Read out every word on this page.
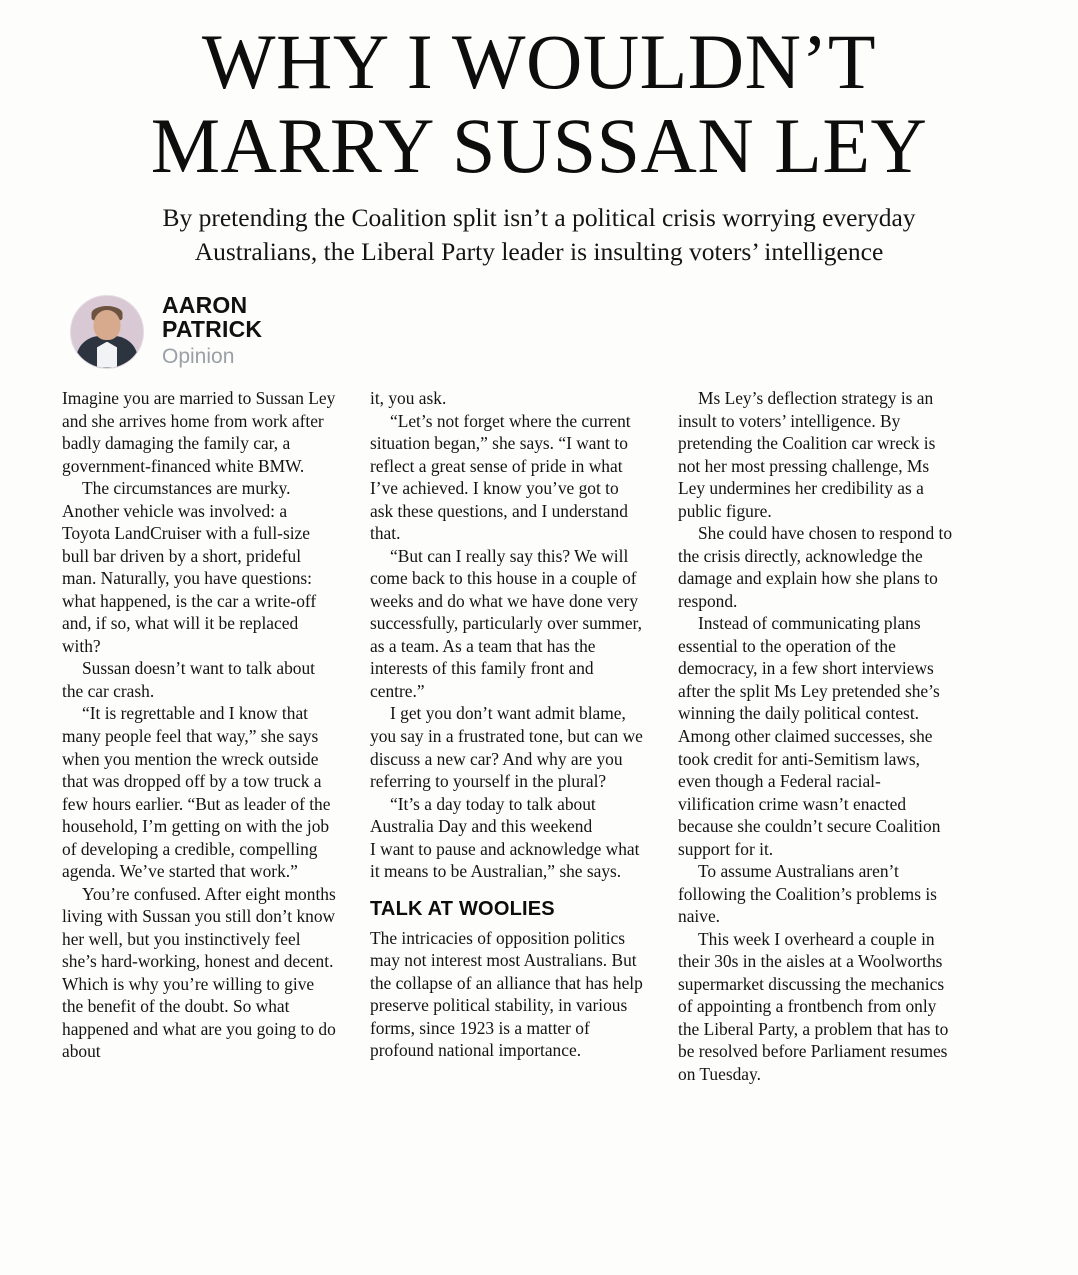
WHY I WOULDN’T
MARRY SUSSAN LEY
By pretending the Coalition split isn’t a political crisis worrying everyday
Australians, the Liberal Party leader is insulting voters’ intelligence
AARON
PATRICK
Opinion

Imagine you are married to Sussan Ley and she arrives home from work after badly damaging the family car, a government-financed white BMW.

The circumstances are murky. Another vehicle was involved: a Toyota LandCruiser with a full-size bull bar driven by a short, prideful man. Naturally, you have questions: what happened, is the car a write-off and, if so, what will it be replaced with?

Sussan doesn’t want to talk about the car crash.

“It is regrettable and I know that many people feel that way,” she says when you mention the wreck outside that was dropped off by a tow truck a few hours earlier. “But as leader of the household, I’m getting on with the job of developing a credible, compelling agenda. We’ve started that work.”

You’re confused. After eight months living with Sussan you still don’t know her well, but you instinctively feel she’s hard-working, honest and decent. Which is why you’re willing to give the benefit of the doubt. So what happened and what are you going to do about

it, you ask.

“Let’s not forget where the current situation began,” she says. “I want to reflect a great sense of pride in what I’ve achieved. I know you’ve got to ask these questions, and I understand that.

“But can I really say this? We will come back to this house in a couple of weeks and do what we have done very successfully, particularly over summer, as a team. As a team that has the interests of this family front and centre.”

I get you don’t want admit blame, you say in a frustrated tone, but can we discuss a new car? And why are you referring to yourself in the plural?

“It’s a day today to talk about Australia Day and this weekend

I want to pause and acknowledge what it means to be Australian,” she says.

TALK AT WOOLIES

The intricacies of opposition politics may not interest most Australians. But the collapse of an alliance that has help preserve political stability, in various forms, since 1923 is a matter of profound national importance.

Ms Ley’s deflection strategy is an insult to voters’ intelligence. By pretending the Coalition car wreck is not her most pressing challenge, Ms Ley undermines her credibility as a public figure.

She could have chosen to respond to the crisis directly, acknowledge the damage and explain how she plans to respond.

Instead of communicating plans essential to the operation of the democracy, in a few short interviews after the split Ms Ley pretended she’s winning the daily political contest. Among other claimed successes, she

took credit for anti-Semitism laws, even though a Federal racial-vilification crime wasn’t enacted because she couldn’t secure Coalition support for it.

To assume Australians aren’t following the Coalition’s problems is naive.

This week I overheard a couple in their 30s in the aisles at a Woolworths supermarket discussing the mechanics of appointing a frontbench from only the Liberal Party, a problem that has to be resolved before Parliament resumes on Tuesday.
